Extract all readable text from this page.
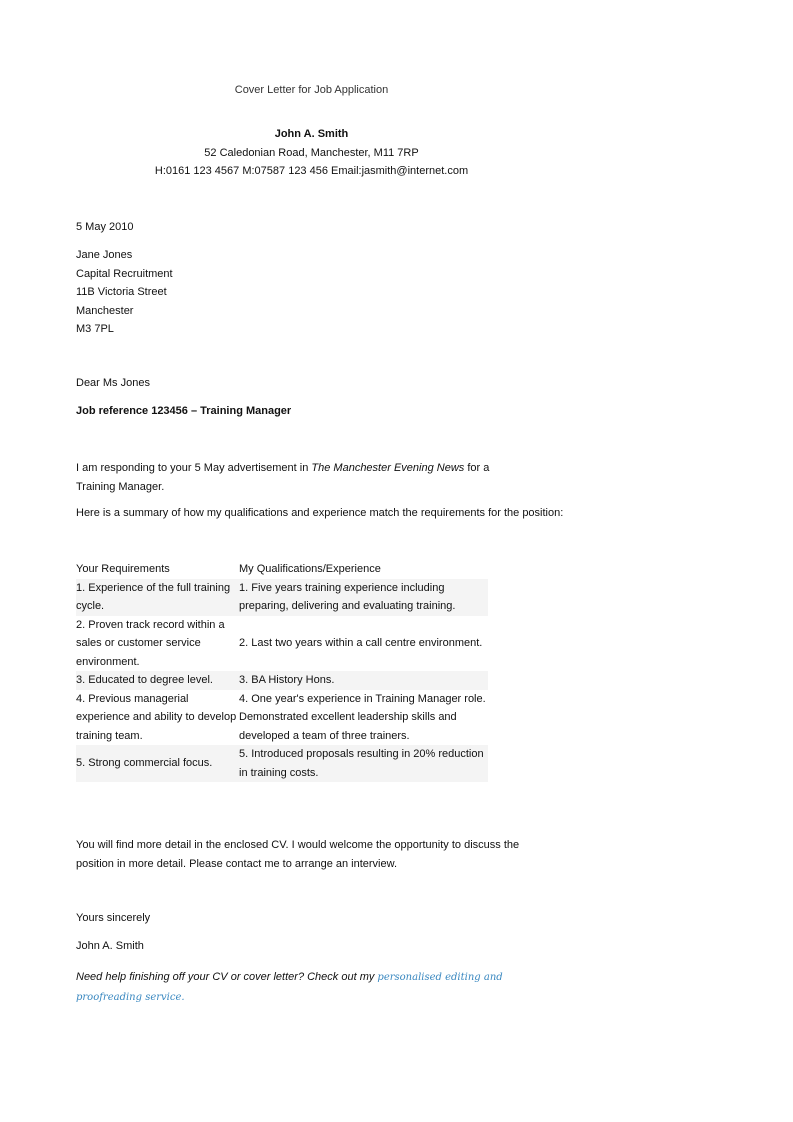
Cover Letter for Job Application
John A. Smith
52 Caledonian Road, Manchester, M11 7RP
H:0161 123 4567 M:07587 123 456 Email:jasmith@internet.com
5 May 2010
Jane Jones
Capital Recruitment
11B Victoria Street
Manchester
M3 7PL
Dear Ms Jones
Job reference 123456 – Training Manager
I am responding to your 5 May advertisement in The Manchester Evening News for a Training Manager.
Here is a summary of how my qualifications and experience match the requirements for the position:
Your Requirements	My Qualifications/Experience
1. Experience of the full training cycle.	1. Five years training experience including preparing, delivering and evaluating training.
2. Proven track record within a sales or customer service environment.	2. Last two years within a call centre environment.
3. Educated to degree level.	3. BA History Hons.
4. Previous managerial experience and ability to develop training team.	4. One year's experience in Training Manager role. Demonstrated excellent leadership skills and developed a team of three trainers.
5. Strong commercial focus.	5. Introduced proposals resulting in 20% reduction in training costs.
You will find more detail in the enclosed CV. I would welcome the opportunity to discuss the position in more detail. Please contact me to arrange an interview.
Yours sincerely
John A. Smith
Need help finishing off your CV or cover letter? Check out my personalised editing and proofreading service.
